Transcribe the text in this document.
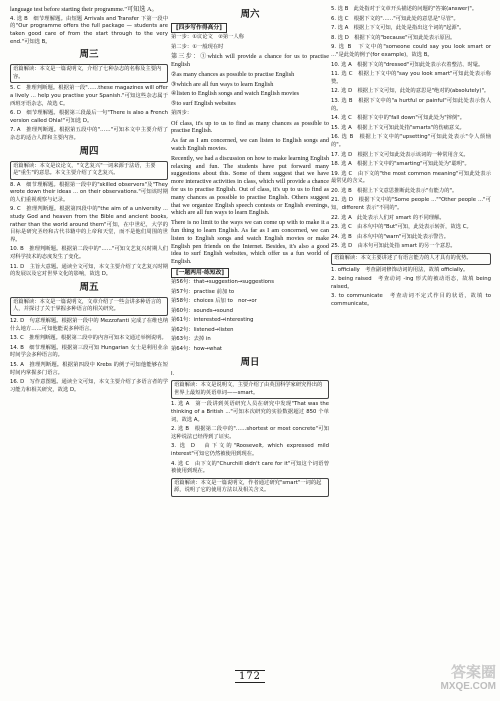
language test before starting their programme."可知选 A。

4. 选 B　细节理解题。由短题 Arrivals and Transfer 下第一段中的"Our programme offers the full package — students are taken good care of from the start through to the very end."可知选 B。

周三
语篇解读：本文是一篇说明文，介绍了七种杂志的名称及主要内容。

5. C　推理判断题。根据第一段"……these magazines will offer a lively ... help you practise your Spanish."可知这些杂志属于西班牙语杂志，故选 C。

6. D　细节理解题。根据第三段最后一句"There is also a French version called Ohla!"可知选 D。

7. A　推理判断题。根据第五段中的"……"可知本文中主要介绍了杂志的适合人群和主要内容。

周四
语篇解读：本文是议论文，"文艺复兴"一词来源于法语，主要是"重生"的意思。本文主要介绍了文艺复兴。

8. A　细节理解题。根据第一段中的"skilled observers"及"They wrote down their ideas ... on their observations."可知该时期的人们重视观察与记录。

9. C　推理判断题。根据第四段中的"the aim of a university ... study God and heaven from the Bible and ancient books, rather than the world around them"可知，在中世纪，大学的目标是研究圣经和古代书籍中的上帝和天堂，而不是他们周围的世界。

10. B　推理判断题。根据第二段中的"……"可知文艺复兴时期人们对科学技术的态度发生了变化。

11. D　主旨大意题。通读全文可知，本文主要介绍了文艺复兴时期的发展以及它对世界文化的影响，故选 D。

周五
语篇解读：本文是一篇说明文，文章介绍了一些会讲多种语言的人，并探讨了关于掌握多种语言的相关研究。

12. D　句意理解题。根据第一段中的 Mezzofanti 完成了在维也纳什么地方……可知他能说多种语言。

13. C　推理判断题。根据第二段中的内容可知本文通过举例说明。

14. B　细节理解题。根据第三段可知 Hungarian 女士是利用业余时间学会多种语言的。

15. A　推理判断题。根据第四段中 Krebs 的例子可知他能够在短时间内掌握多门语言。

16. D　写作意图题。通读全文可知，本文主要介绍了多语言者的学习能力和相关研究，故选 D。

周六
[四步写作得高分]

第一步：①议论文　②第一人称

第二步：①一般现在时

第三步：①which will provide a chance for us to practise English

②as many chances as possible to practise English

③which are all fun ways to learn English

④listen to English songs and watch English movies

⑤to surf English websites

第四步：

Of class, it's up to us to find as many chances as possible to practise English.

As far as I am concerned, we can listen to English songs and watch English movies.

Recently, we had a discussion on how to make learning English relaxing and fun. The students have put forward many suggestions about this. Some of them suggest that we have more interactive activities in class, which will provide a chance for us to practise English. Out of class, it's up to us to find as many chances as possible to practise English. Others suggest that we organize English speech contests or English evenings, which are all fun ways to learn English.

There is no limit to the ways we can come up with to make it a fun thing to learn English. As far as I am concerned, we can listen to English songs and watch English movies or make English pen friends on the Internet. Besides, it's also a good idea to surf English websites, which offer us a fun world of English.

[一题两用·练短改]

第56句：that→suggestion→suggestions

第57句：practise 前加 to

第58句：choices 后加 to　nor→or

第60句：sounds→sound

第61句：interested→interesting

第62句：listened→listen

第63句：去掉 in

第64句：how→what

周日

I.

语篇解读：本文是说明文，主要介绍了由英国科学家研究得出的世界上最短的英语单词——smart。

1. 选 A　第一段讲到英语研究人员在研究中发现"That was the thinking of a British ..."可知本次研究的实验数据超过 850 个单词，故选 A。

2. 选 B　根据第二段中的"……shortest or most concrete"可知这种说法已经得到了证实。

3. 选 D　由下文的"Roosevelt, which expressed mild interest"可知它仍然被使用到现在。

4. 选 C　由下文的"Churchill didn't care for it"可知这个词语曾被使用到现在。

语篇解读：本文是一篇说明文，作者通过研究"smart"一词的起源，说明了它的使用方法以及相关含义。

5. 选 B　此处指对于文章开头描述的问题的"答案(answer)"。

6. 选 C　根据下文的"……"可知此处的意思是"尽管"。

7. 选 A　根据上下文可知，此处是指出这个词的"起源"。

8. 选 D　根据下文的"because"可知此处表示原因。

9. 选 B　下文中的"someone could say you look smart or ..."是此处的例子(for example)，故选 B。

10. 选 A　根据下文的"dressed"可知此处表示衣着整洁、时髦。

11. 选 C　根据上下文中的"say you look smart"可知此处表示称赞。

12. 选 D　根据上下文可知，此处的意思是"绝对的(absolutely)"。

13. 选 B　根据下文中的"a hurtful or painful"可知此处表示伤人的。

14. 选 C　根据下文中的"fall down"可知此处为"摔倒"。

15. 选 A　根据上下文可知此处指"smarts"的伤痛意义。

16. 选 B　根据上下文中的"upsetting"可知此处表示"令人烦恼的"。

17. 选 D　根据上下文可知此处表示该词的一种常用含义。

18. 选 A　根据上下文中的"smarting"可知此处为"聪明"。

19. 选 C　由下文的"the most common meaning"可知此处表示最常见的含义。

20. 选 B　根据上下文意思推断此处表示"有能力的"。

21. 选 D　根据下文中的"Some people ...""Other people ..."可知，different 表示"不同的"。

22. 选 A　此处表示人们对 smart 的不同理解。

23. 选 C　由本句中的"But"可知，此处表示转折，故选 C。

24. 选 B　由本句中的"warn"可知此处表示警告。

25. 选 D　由本句可知此处指 smart 的另一个意思。

语篇解读：本文主要讲述了有语言能力的人才具有的优势。

1. officially　考查副词修饰动词的用法，故填 officially。

2. being raised　考查动词 -ing 形式的被动语态，故填 being raised。

3. to communicate　考查动词不定式作目的状语，故填 to communicate。

172	答案圈
MXQE.COM
